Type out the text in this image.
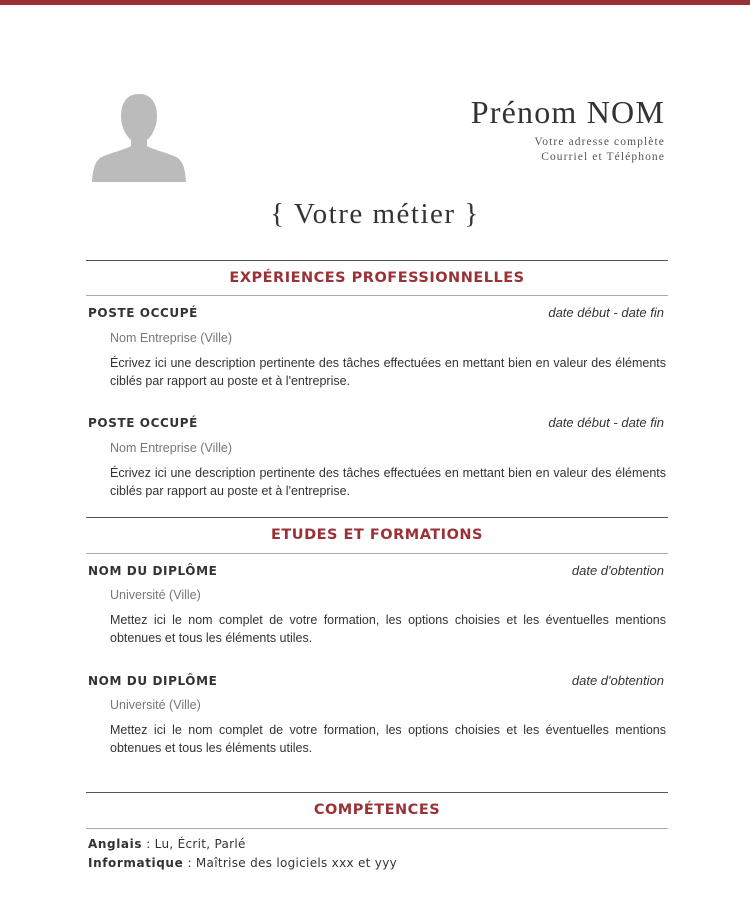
Prénom NOM
Votre adresse complète
Courriel et Téléphone
{ Votre métier }
EXPÉRIENCES PROFESSIONNELLES
POSTE OCCUPÉ	date début - date fin
Nom Entreprise (Ville)
Écrivez ici une description pertinente des tâches effectuées en mettant bien en valeur des éléments ciblés par rapport au poste et à l'entreprise.
POSTE OCCUPÉ	date début - date fin
Nom Entreprise (Ville)
Écrivez ici une description pertinente des tâches effectuées en mettant bien en valeur des éléments ciblés par rapport au poste et à l'entreprise.
ETUDES ET FORMATIONS
NOM DU DIPLÔME	date d'obtention
Université (Ville)
Mettez ici le nom complet de votre formation, les options choisies et les éventuelles mentions obtenues et tous les éléments utiles.
NOM DU DIPLÔME	date d'obtention
Université (Ville)
Mettez ici le nom complet de votre formation, les options choisies et les éventuelles mentions obtenues et tous les éléments utiles.
COMPÉTENCES
Anglais : Lu, Écrit, Parlé
Informatique : Maîtrise des logiciels xxx et yyy
